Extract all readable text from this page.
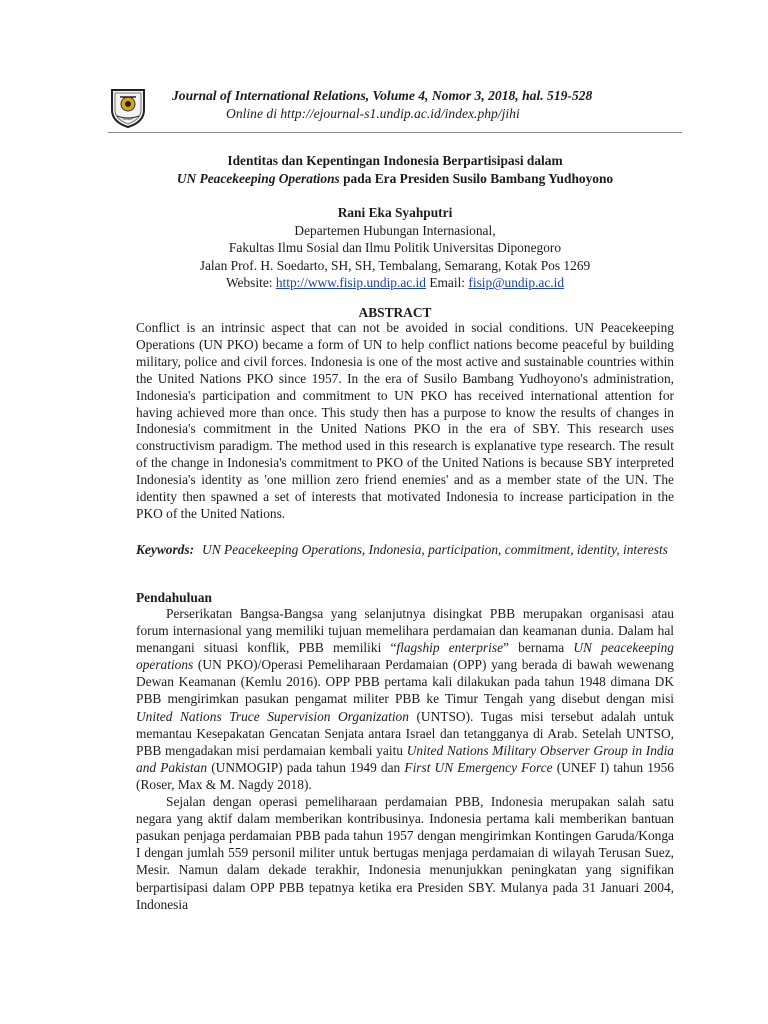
UNDIP
Journal of International Relations, Volume 4, Nomor 3, 2018, hal. 519-528
Online di http://ejournal-s1.undip.ac.id/index.php/jihi
Identitas dan Kepentingan Indonesia Berpartisipasi dalam
UN Peacekeeping Operations pada Era Presiden Susilo Bambang Yudhoyono
Rani Eka Syahputri
Departemen Hubungan Internasional,
Fakultas Ilmu Sosial dan Ilmu Politik Universitas Diponegoro
Jalan Prof. H. Soedarto, SH, SH, Tembalang, Semarang, Kotak Pos 1269
Website: http://www.fisip.undip.ac.id Email: fisip@undip.ac.id
ABSTRACT

Conflict is an intrinsic aspect that can not be avoided in social conditions. UN Peacekeeping Operations (UN PKO) became a form of UN to help conflict nations become peaceful by building military, police and civil forces. Indonesia is one of the most active and sustainable countries within the United Nations PKO since 1957. In the era of Susilo Bambang Yudhoyono's administration, Indonesia's participation and commitment to UN PKO has received international attention for having achieved more than once. This study then has a purpose to know the results of changes in Indonesia's commitment in the United Nations PKO in the era of SBY. This research uses constructivism paradigm. The method used in this research is explanative type research. The result of the change in Indonesia's commitment to PKO of the United Nations is because SBY interpreted Indonesia's identity as 'one million zero friend enemies' and as a member state of the UN. The identity then spawned a set of interests that motivated Indonesia to increase participation in the PKO of the United Nations.

Keywords: UN Peacekeeping Operations, Indonesia, participation, commitment, identity, interests
Pendahuluan

Perserikatan Bangsa-Bangsa yang selanjutnya disingkat PBB merupakan organisasi atau forum internasional yang memiliki tujuan memelihara perdamaian dan keamanan dunia. Dalam hal menangani situasi konflik, PBB memiliki “flagship enterprise” bernama UN peacekeeping operations (UN PKO)/Operasi Pemeliharaan Perdamaian (OPP) yang berada di bawah wewenang Dewan Keamanan (Kemlu 2016). OPP PBB pertama kali dilakukan pada tahun 1948 dimana DK PBB mengirimkan pasukan pengamat militer PBB ke Timur Tengah yang disebut dengan misi United Nations Truce Supervision Organization (UNTSO). Tugas misi tersebut adalah untuk memantau Kesepakatan Gencatan Senjata antara Israel dan tetangganya di Arab. Setelah UNTSO, PBB mengadakan misi perdamaian kembali yaitu United Nations Military Observer Group in India and Pakistan (UNMOGIP) pada tahun 1949 dan First UN Emergency Force (UNEF I) tahun 1956 (Roser, Max & M. Nagdy 2018).

Sejalan dengan operasi pemeliharaan perdamaian PBB, Indonesia merupakan salah satu negara yang aktif dalam memberikan kontribusinya. Indonesia pertama kali memberikan bantuan pasukan penjaga perdamaian PBB pada tahun 1957 dengan mengirimkan Kontingen Garuda/Konga I dengan jumlah 559 personil militer untuk bertugas menjaga perdamaian di wilayah Terusan Suez, Mesir. Namun dalam dekade terakhir, Indonesia menunjukkan peningkatan yang signifikan berpartisipasi dalam OPP PBB tepatnya ketika era Presiden SBY. Mulanya pada 31 Januari 2004, Indonesia
